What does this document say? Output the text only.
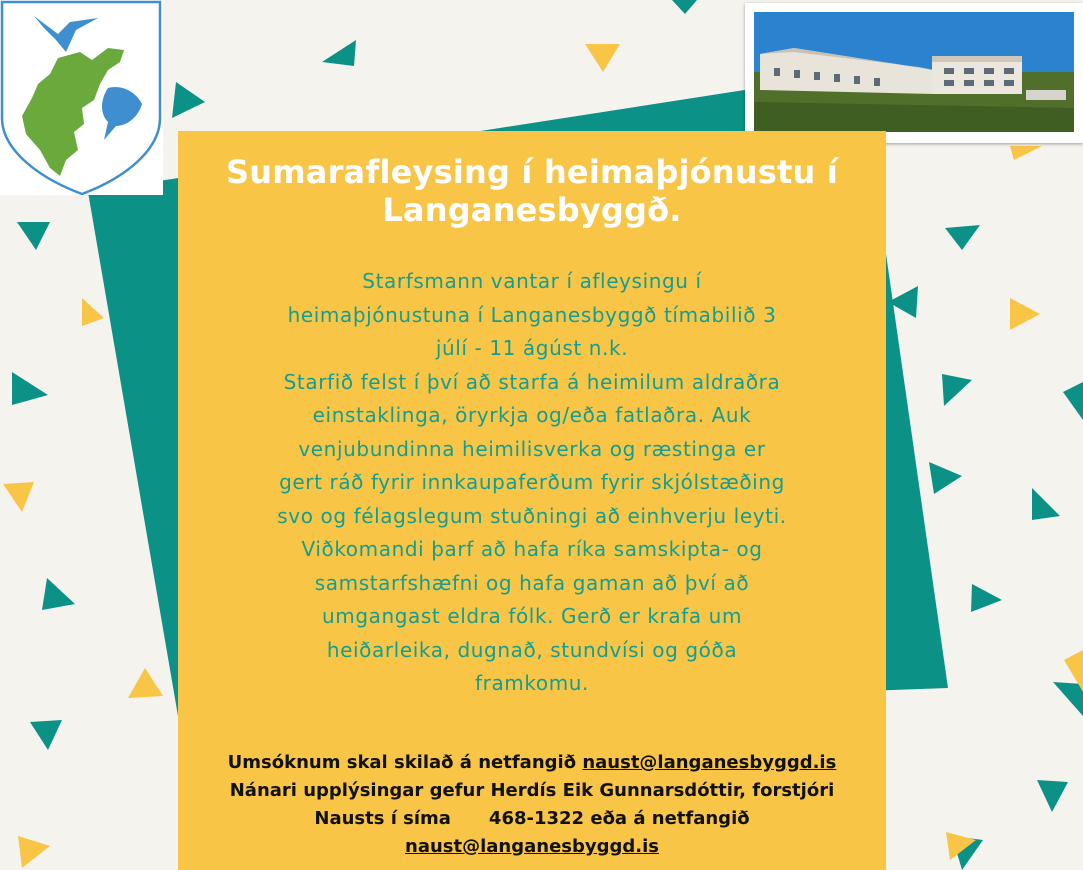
Sumarafleysing í heimaþjónustu í Langanesbyggð.
Starfsmann vantar í afleysingu í
heimaþjónustuna í Langanesbyggð tímabilið 3
júlí - 11 ágúst n.k.
Starfið felst í því að starfa á heimilum aldraðra
einstaklinga, öryrkja og/eða fatlaðra. Auk
venjubundinna heimilisverka og ræstinga er
gert ráð fyrir innkaupaferðum fyrir skjólstæðing
svo og félagslegum stuðningi að einhverju leyti.
Viðkomandi þarf að hafa ríka samskipta- og
samstarfshæfni og hafa gaman að því að
umgangast eldra fólk. Gerð er krafa um
heiðarleika, dugnað, stundvísi og góða
framkomu.
Umsóknum skal skilað á netfangið naust@langanesbyggd.is
Nánari upplýsingar gefur Herdís Eik Gunnarsdóttir, forstjóri
Nausts í síma 468-1322 eða á netfangið
naust@langanesbyggd.is
